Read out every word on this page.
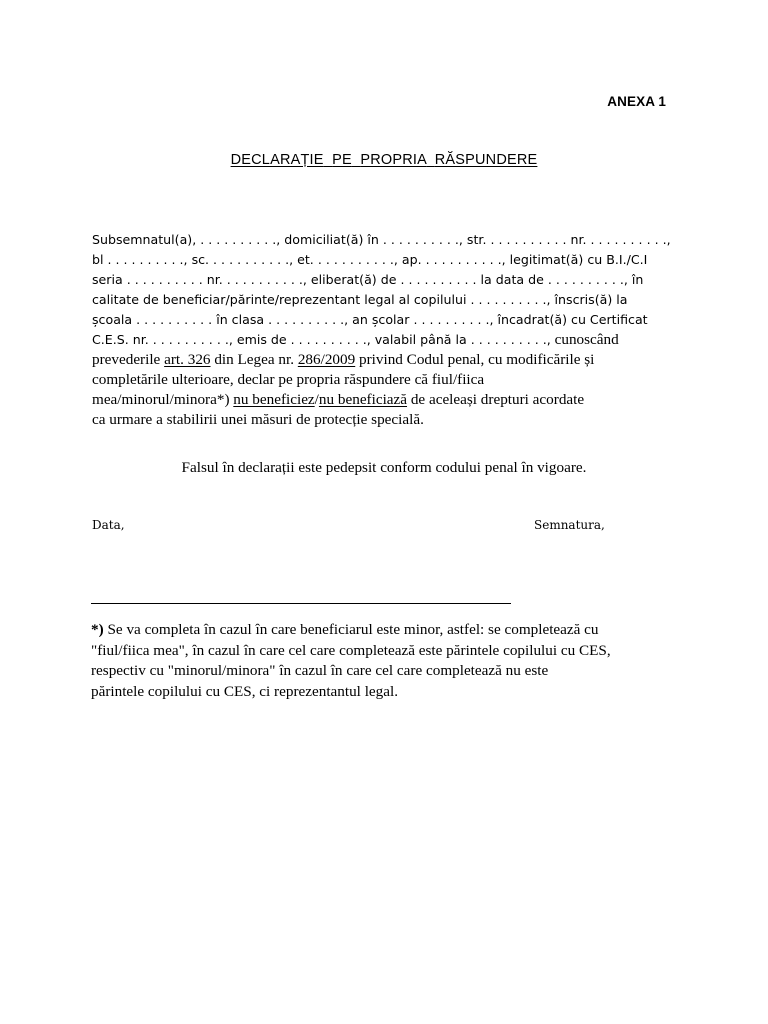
ANEXA 1
DECLARAȚIE PE PROPRIA RĂSPUNDERE
Subsemnatul(a), . . . . . . . . . ., domiciliat(ă) în . . . . . . . . . ., str. . . . . . . . . . . nr. . . . . . . . . . .,
bl . . . . . . . . . ., sc. . . . . . . . . . ., et. . . . . . . . . . ., ap. . . . . . . . . . ., legitimat(ă) cu B.I./C.I
seria . . . . . . . . . . nr. . . . . . . . . . ., eliberat(ă) de . . . . . . . . . . la data de . . . . . . . . . ., în
calitate de beneficiar/părinte/reprezentant legal al copilului . . . . . . . . . ., înscris(ă) la
școala . . . . . . . . . . în clasa . . . . . . . . . ., an școlar . . . . . . . . . ., încadrat(ă) cu Certificat
C.E.S. nr. . . . . . . . . . ., emis de . . . . . . . . . ., valabil până la . . . . . . . . . ., cunoscând
prevederile art. 326 din Legea nr. 286/2009 privind Codul penal, cu modificările și
completările ulterioare, declar pe propria răspundere că fiul/fiica
mea/minorul/minora*) nu beneficiez/nu beneficiază de aceleași drepturi acordate
ca urmare a stabilirii unei măsuri de protecție specială.
Falsul în declarații este pedepsit conform codului penal în vigoare.
Data,	Semnatura,
*) Se va completa în cazul în care beneficiarul este minor, astfel: se completează cu
"fiul/fiica mea", în cazul în care cel care completează este părintele copilului cu CES,
respectiv cu "minorul/minora" în cazul în care cel care completează nu este
părintele copilului cu CES, ci reprezentantul legal.
